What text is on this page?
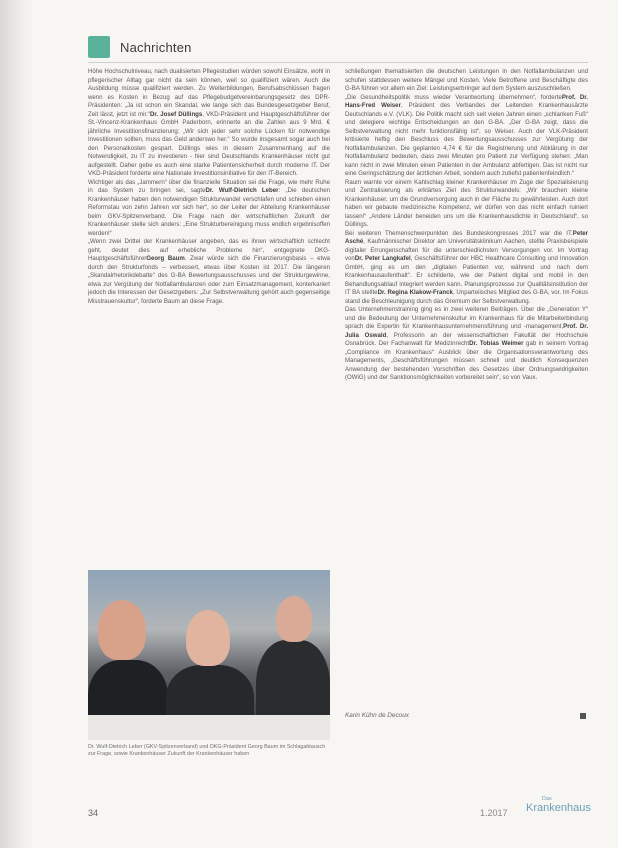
Nachrichten

Höhe Hochschulniveau, nach dualisierten Pflegestudien würden sowohl Einsätze, wohl in pflegerischer Alltag gar nicht da sein können, weil so qualifiziert wären. Auch die Ausbildung müsse qualifiziert werden. Zu Weiterbildungen, Berufsabschlüssen fragen wenn es Kosten in Bezug auf das Pflegebudgetvereinbarungsgesetz des DPR-Präsidenten: „Ja ist schon ein Skandal, wie lange sich das Bundesgesetzgeber Beruf, Zeit lässt, jetzt ist mir.“Dr. Josef Düllings, VKD-Präsident und Hauptgeschäftsführer der St.-Vincenz-Krankenhaus GmbH Paderborn, erinnerte an die Zahlen aus 9 Mrd. € jährliche Investitionsfinanzierung: „Wir sich jeder sehr solche Lücken für notwendige Investitionen sollten, muss das Geld anderswo her.“ So wurde insgesamt sogar auch bei den Personalkosten gespart. Düllings wies in diesem Zusammenhang auf die Notwendigkeit, zu IT zu investieren - hier sind Deutschlands Krankenhäuser nicht gut aufgestellt. Daher gebe es auch eine starke Patientensicherheit durch moderne IT. Der VKD-Präsident forderte eine Nationale Investitionsinitiative für den IT-Bereich.

Wichtiger als das „Jammern“ über die finanzielle Situation sei die Frage, wie mehr Ruhe in das System zu bringen sei, sagteDr. Wulf-Dietrich Leber: „Die deutschen Krankenhäuser haben den notwendigen Strukturwandel verschlafen und schieben einen Reformstau von zehn Jahren vor sich her“, so der Leiter der Abteilung Krankenhäuser beim GKV-Spitzenverband. Die Frage nach der wirtschaftlichen Zukunft der Krankenhäuser stelle sich anders: „Eine Strukturbereinigung muss endlich ergebnisoffen werden!“

„Wenn zwei Drittel der Krankenhäuser angeben, das es ihnen wirtschaftlich schlecht geht, deutet dies auf erhebliche Probleme hin“, entgegnete DKG-HauptgeschäftsführerGeorg Baum. Zwar würde sich die Finanzierungsbasis – etwa durch den Strukturfonds – verbessert, etwas über Kosten ist 2017. Die längeren „Skandalrhetorikdebatte“ des G-BA Bewertungsausschusses und der Strukturgewinne, etwa zur Vergütung der Notfallambulanzen oder zum Einsatzmanagement, konterkariert jedoch die Interessen der Gesetzgebers: „Zur Selbstverwaltung gehört auch gegenseitige Misstrauenskultur“, forderte Baum an diese Frage.

Dr. Wulf-Dietrich Leber (GKV-Spitzenverband) und DKG-Präsident Georg Baum im Schlagabtausch zur Frage, sowie Krankenhäuser Zukunft der Krankenhäuser haben

schließungen thematisierten die deutschen Leistungen in den Notfallambulanzen und schufen stattdessen weitere Mängel und Kosten. Viele Betroffene und Beschäftigte des G-BA führen vor allem ein Ziel: Leistungserbringer auf dem System auszuschließen.

„Die Gesundheitspolitik muss wieder Verantwortung übernehmen“, forderteProf. Dr. Hans-Fred Weiser, Präsident des Verbandes der Leitenden Krankenhausärzte Deutschlands e.V. (VLK). Die Politik macht sich seit vielen Jahren einen „schlanken Fuß“ und delegiere wichtige Entscheidungen an den G-BA. „Der G-BA zeigt, dass die Selbstverwaltung nicht mehr funktionsfähig ist“, so Weiser. Auch der VLK-Präsident kritisierte heftig den Beschluss des Bewertungsausschusses zur Vergütung der Notfallambulanzen. Die geplanten 4,74 € für die Registrierung und Abklärung in der Notfallambulanz bedeuten, dass zwei Minuten pro Patient zur Verfügung stehen: „Man kann nicht in zwei Minuten einen Patienten in der Ambulanz abfertigen. Das ist nicht nur eine Geringschätzung der ärztlichen Arbeit, sondern auch zutiefst patientenfeindlich.“

Raum warnte vor einem Kahlschlag kleiner Krankenhäuser im Zuge der Spezialisierung und Zentralisierung als erklärtes Ziel des Strukturwandels: „Wir brauchen kleine Krankenhäuser, um die Grundversorgung auch in der Fläche zu gewährleisten. Auch dort haben wir gebaute medizinische Kompetenz, wir dürfen von das nicht einfach ruiniert lassen!“ „Andere Länder beneiden uns um die Krankenhausdichte in Deutschland“, so Düllings.

Bei weiteren Themenschwerpunkten des Bundeskongresses 2017 war die IT.Peter Asché, Kaufmännischer Direktor am Universitätsklinikum Aachen, stellte Praxisbeispiele digitaler Errungenschaften für die unterschiedlichsten Versorgungen vor. Im Vortrag vonDr. Peter Langkafel, Geschäftsführer der HBC Healthcare Consulting und Innovation GmbH, ging es um den „digitalen Patienten vor, während und nach dem Krankenhausaufenthalt“. Er schilderte, wie der Patient digital und mobil in den Behandlungsablauf integriert werden kann. Planungsprozesse zur Qualitätsinstitution der IT BA stellteDr. Regina Klakow-Franck, Unparteiisches Mitglied des G-BA, vor. Im Fokus stand die Beschleunigung durch das Gremium der Selbstverwaltung.

Das Unternehmenstraining ging es in zwei weiteren Beiträgen. Über die „Generation Y“ und die Bedeutung der Unternehmenskultur im Krankenhaus für die Mitarbeiterbindung sprach die Expertin für Krankenhausunternehmensführung und -management,Prof. Dr. Julia Oswald, Professorin an der wissenschaftlichen Fakultät der Hochschule Osnabrück. Der Fachanwalt für MedizinrechtDr. Tobias Weimer gab in seinem Vortrag „Compliance im Krankenhaus“ Ausblick über die Organisationsverantwortung des Managements, „Geschäftsführungen müssen schnell und deutlich Konsequenzen Anwendung der bestehenden Vorschriften des Gesetzes über Ordnungswidrigkeiten (OWiG) und der Sanktionsmöglichkeiten vorbereitet sein“, so von Vaux.

Karin Kühn de Decoux
34	1.2017
Das
Krankenhaus
